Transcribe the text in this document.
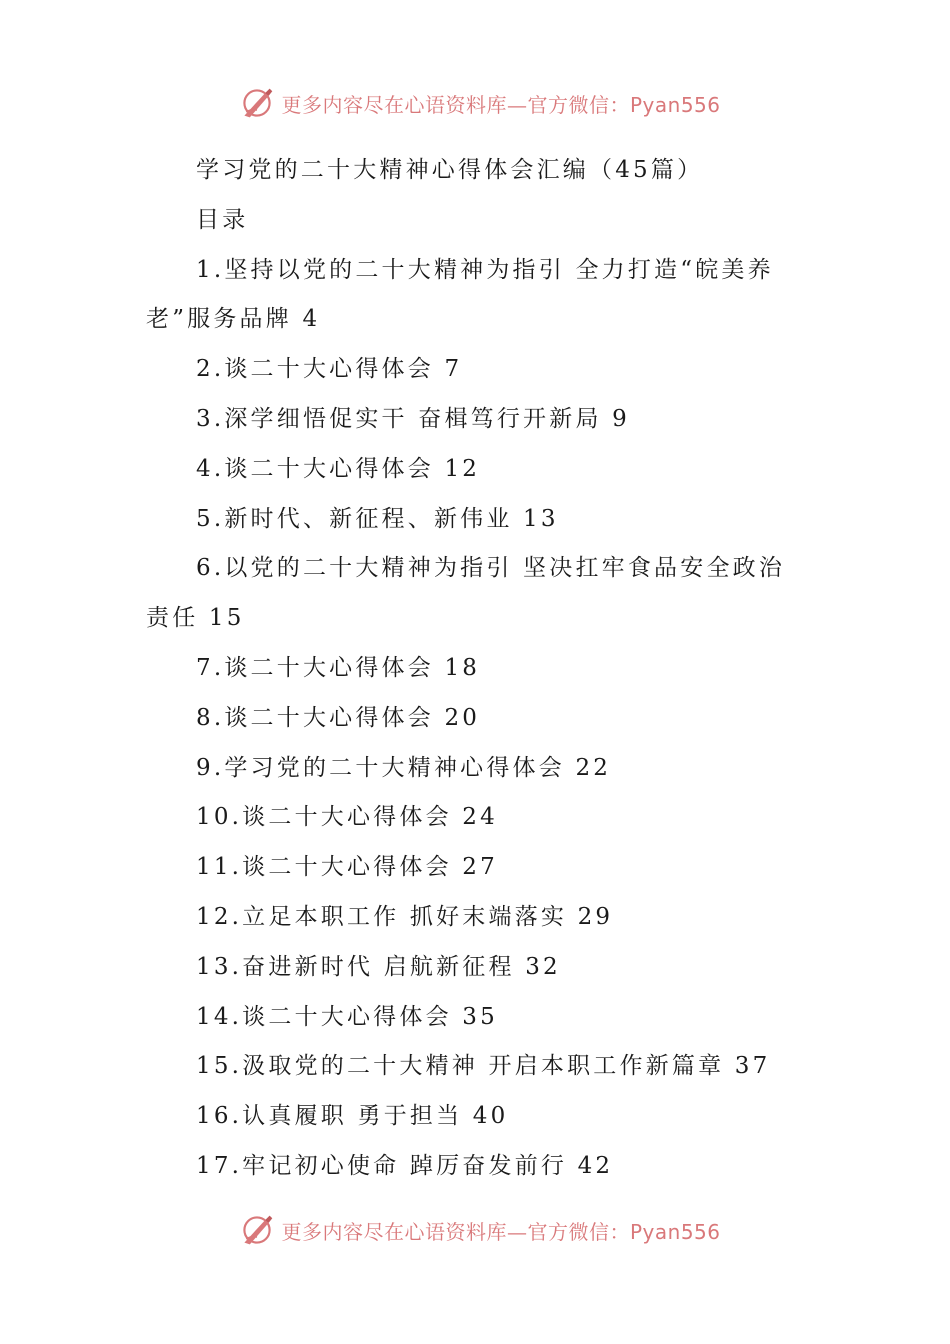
更多内容尽在心语资料库—官方微信：Pyan556

学习党的二十大精神心得体会汇编（45篇）

目录

1.坚持以党的二十大精神为指引 全力打造“皖美养老”服务品牌 4

2.谈二十大心得体会 7

3.深学细悟促实干 奋楫笃行开新局 9

4.谈二十大心得体会 12

5.新时代、新征程、新伟业 13

6.以党的二十大精神为指引 坚决扛牢食品安全政治责任 15

7.谈二十大心得体会 18

8.谈二十大心得体会 20

9.学习党的二十大精神心得体会 22

10.谈二十大心得体会 24

11.谈二十大心得体会 27

12.立足本职工作 抓好末端落实 29

13.奋进新时代 启航新征程 32

14.谈二十大心得体会 35

15.汲取党的二十大精神 开启本职工作新篇章 37

16.认真履职 勇于担当 40

17.牢记初心使命 踔厉奋发前行 42

更多内容尽在心语资料库—官方微信：Pyan556
